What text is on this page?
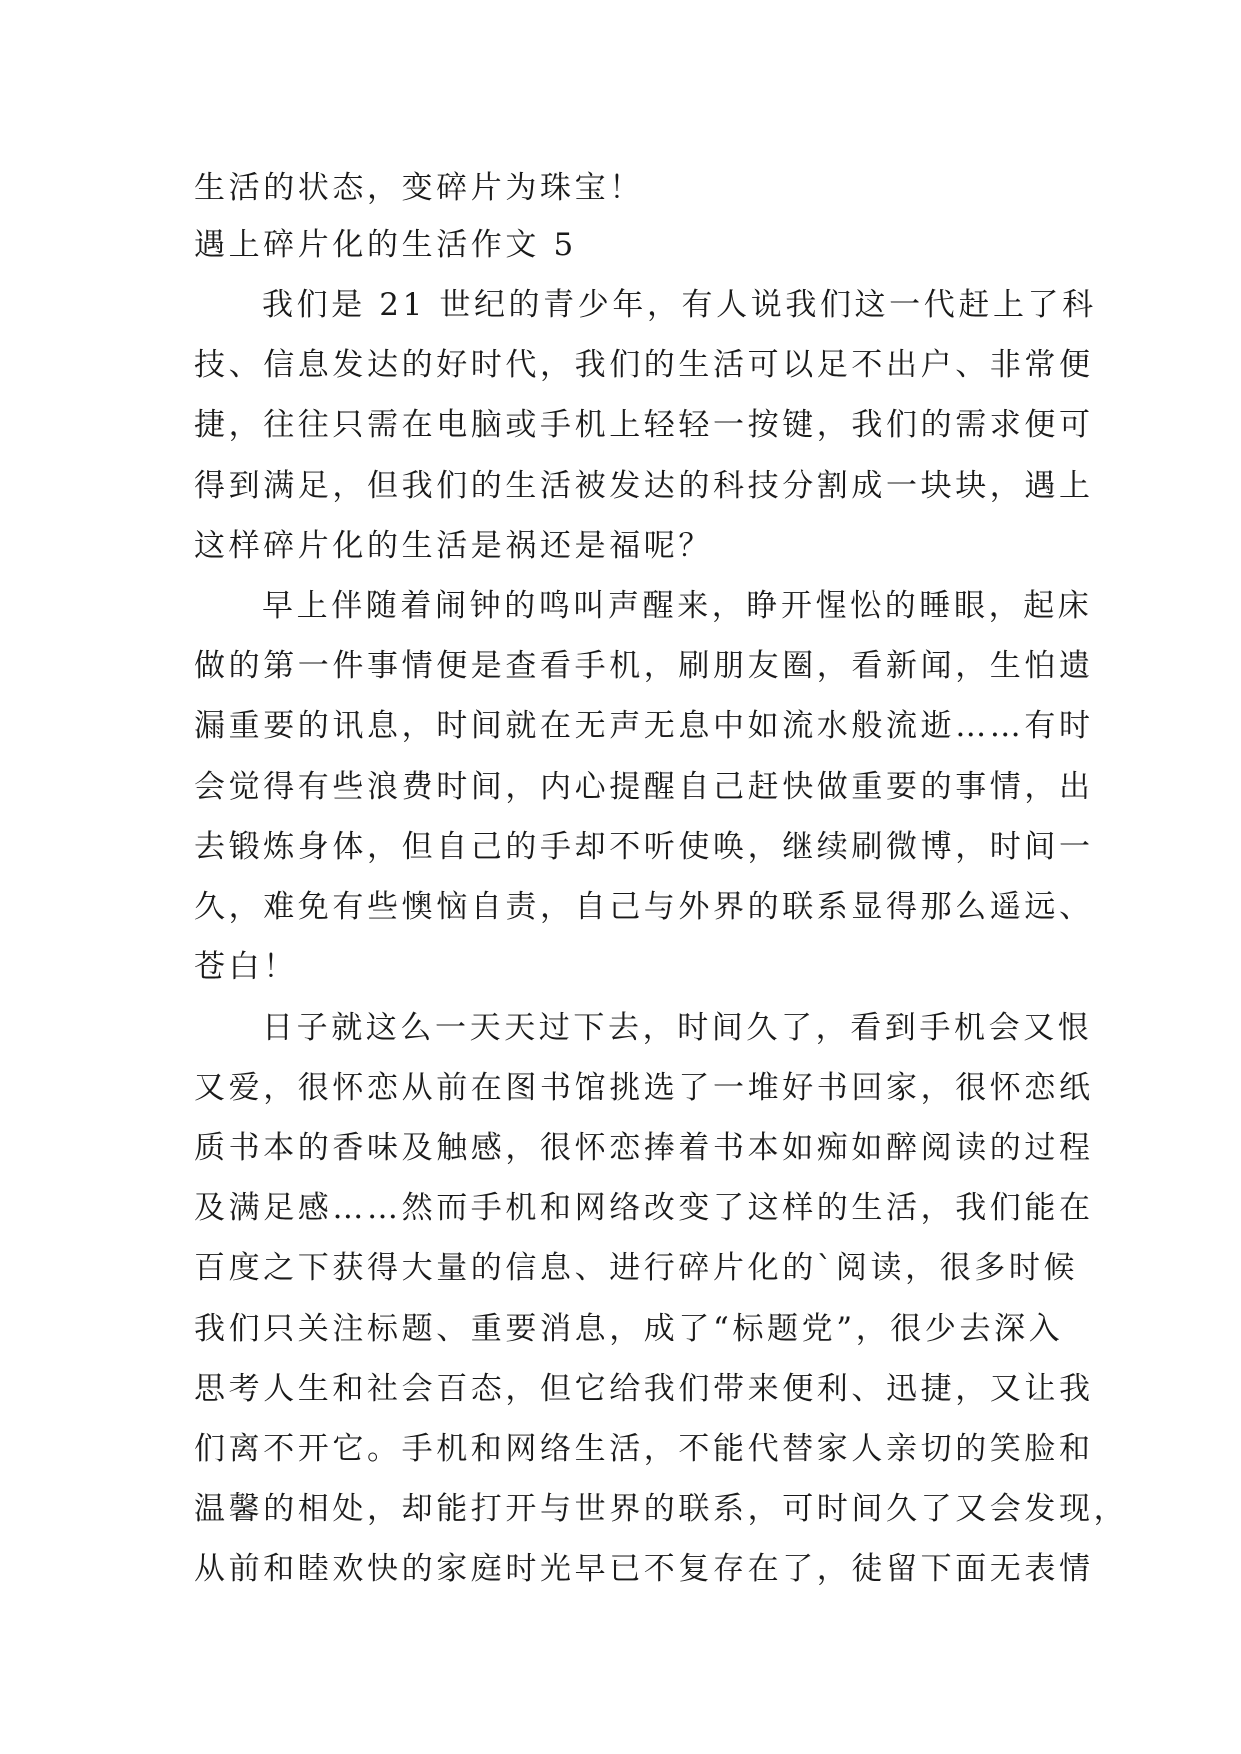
生活的状态，变碎片为珠宝！
遇上碎片化的生活作文 5
我们是 21 世纪的青少年，有人说我们这一代赶上了科
技、信息发达的好时代，我们的生活可以足不出户、非常便
捷，往往只需在电脑或手机上轻轻一按键，我们的需求便可
得到满足，但我们的生活被发达的科技分割成一块块，遇上
这样碎片化的生活是祸还是福呢？
早上伴随着闹钟的鸣叫声醒来，睁开惺忪的睡眼，起床
做的第一件事情便是查看手机，刷朋友圈，看新闻，生怕遗
漏重要的讯息，时间就在无声无息中如流水般流逝……有时
会觉得有些浪费时间，内心提醒自己赶快做重要的事情，出
去锻炼身体，但自己的手却不听使唤，继续刷微博，时间一
久，难免有些懊恼自责，自己与外界的联系显得那么遥远、
苍白！
日子就这么一天天过下去，时间久了，看到手机会又恨
又爱，很怀恋从前在图书馆挑选了一堆好书回家，很怀恋纸
质书本的香味及触感，很怀恋捧着书本如痴如醉阅读的过程
及满足感……然而手机和网络改变了这样的生活，我们能在
百度之下获得大量的信息、进行碎片化的`阅读，很多时候
我们只关注标题、重要消息，成了“标题党”，很少去深入
思考人生和社会百态，但它给我们带来便利、迅捷，又让我
们离不开它。手机和网络生活，不能代替家人亲切的笑脸和
温馨的相处，却能打开与世界的联系，可时间久了又会发现，
从前和睦欢快的家庭时光早已不复存在了，徒留下面无表情
